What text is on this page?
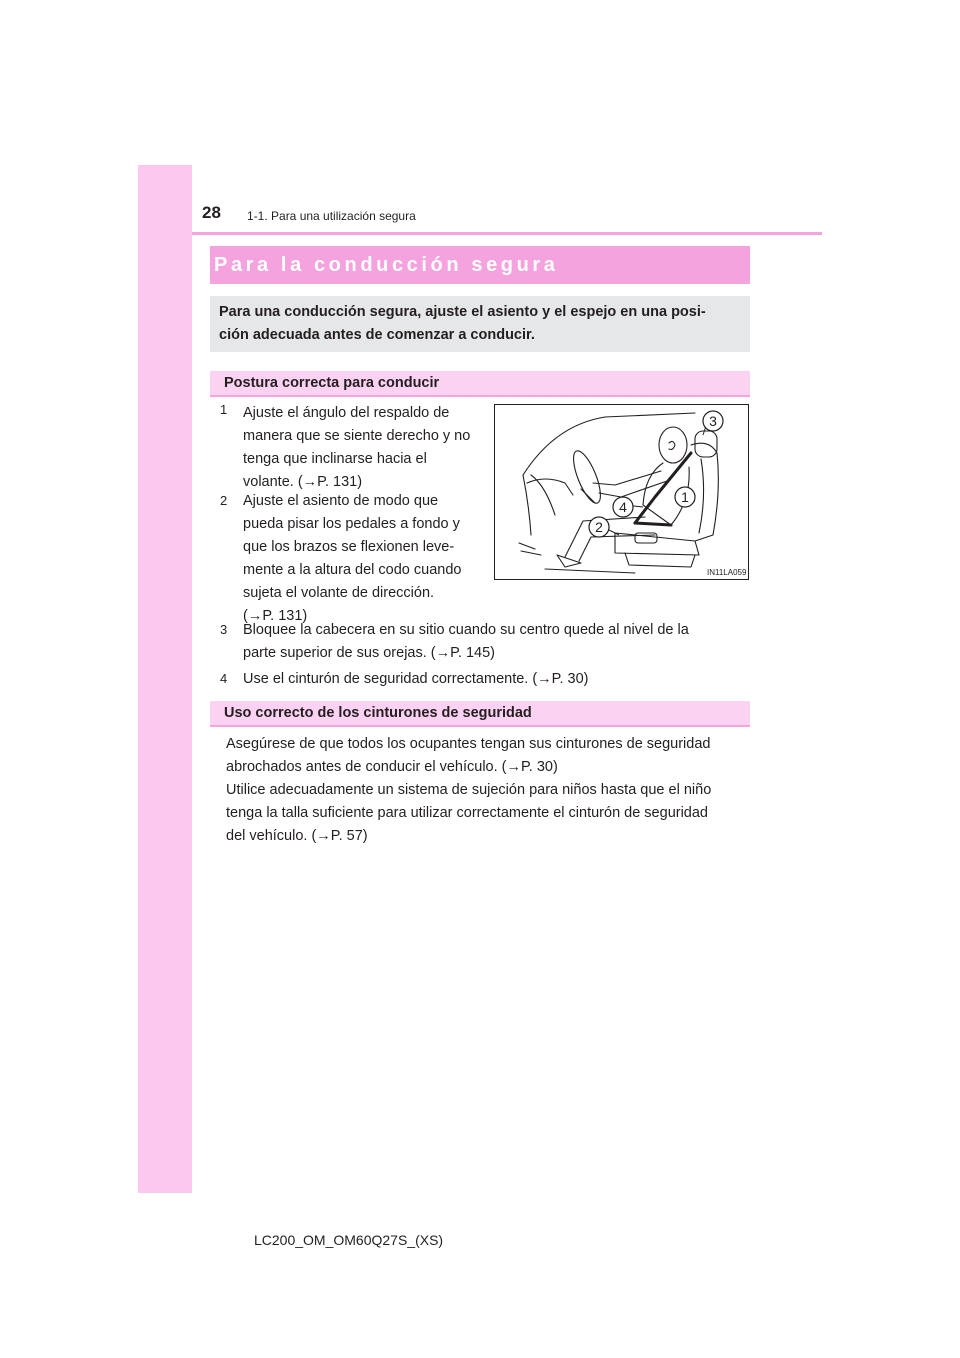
28 1-1. Para una utilización segura
Para la conducción segura
Para una conducción segura, ajuste el asiento y el espejo en una posi-
ción adecuada antes de comenzar a conducir.
Postura correcta para conducir
1 Ajuste el ángulo del respaldo de
manera que se siente derecho y no
tenga que inclinarse hacia el
volante. (→P. 131)
2 Ajuste el asiento de modo que
pueda pisar los pedales a fondo y
que los brazos se flexionen leve-
mente a la altura del codo cuando
sujeta el volante de dirección.
(→P. 131)
3
1
4
2
IN11LA059
3 Bloquee la cabecera en su sitio cuando su centro quede al nivel de la
parte superior de sus orejas. (→P. 145)
4 Use el cinturón de seguridad correctamente. (→P. 30)
Uso correcto de los cinturones de seguridad
Asegúrese de que todos los ocupantes tengan sus cinturones de seguridad
abrochados antes de conducir el vehículo. (→P. 30)
Utilice adecuadamente un sistema de sujeción para niños hasta que el niño
tenga la talla suficiente para utilizar correctamente el cinturón de seguridad
del vehículo. (→P. 57)
LC200_OM_OM60Q27S_(XS)
